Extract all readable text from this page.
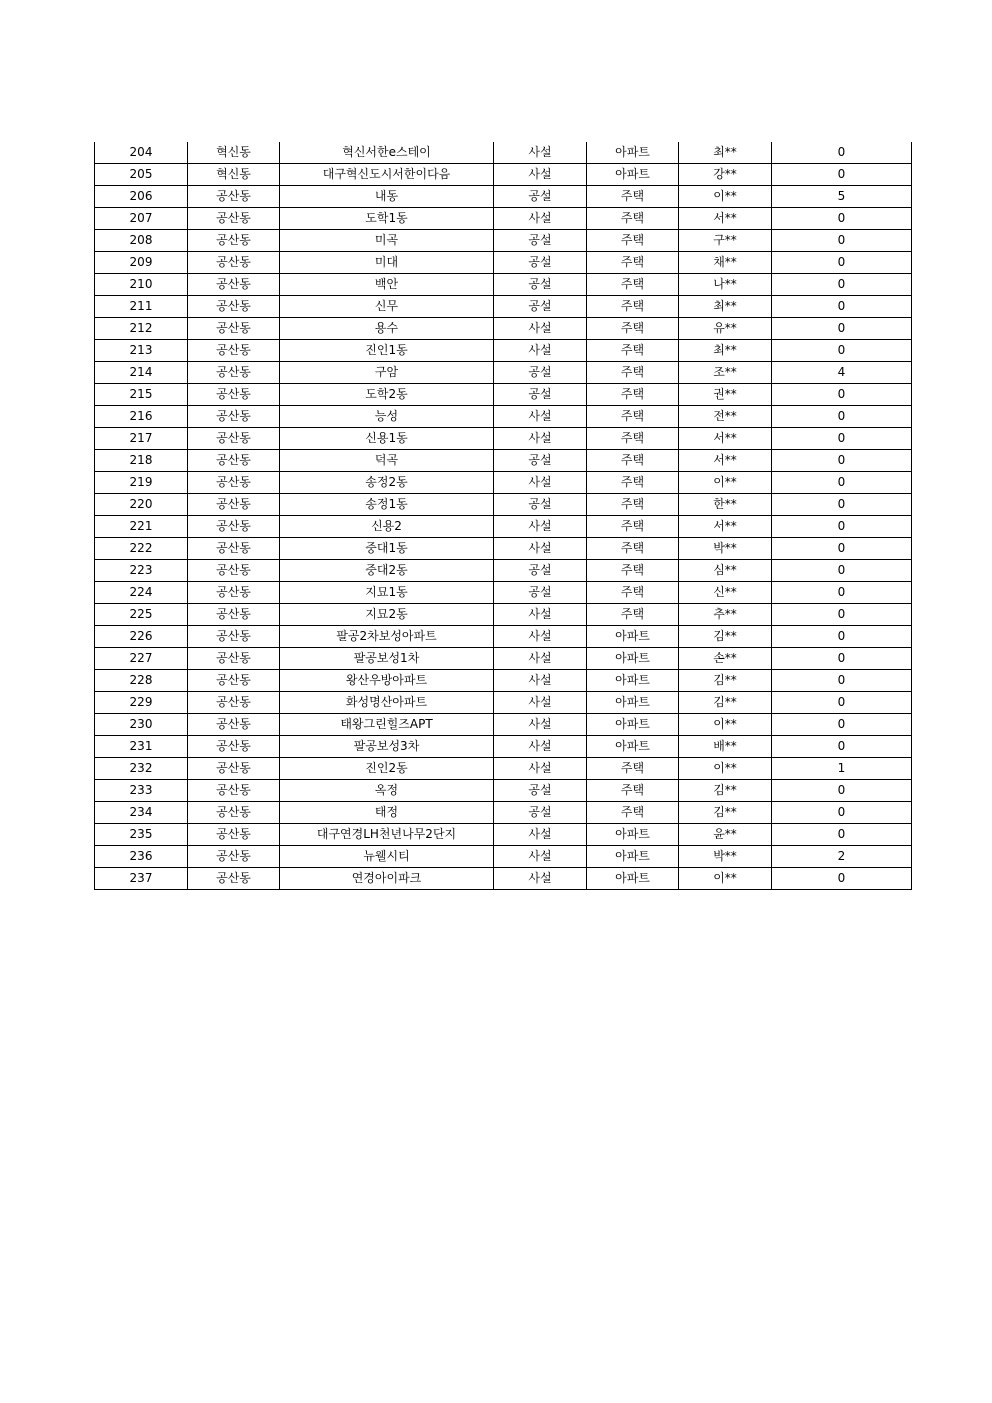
204	혁신동	혁신서한e스테이	사설	아파트	최**	0
205	혁신동	대구혁신도시서한이다음	사설	아파트	강**	0
206	공산동	내동	공설	주택	이**	5
207	공산동	도학1동	사설	주택	서**	0
208	공산동	미곡	공설	주택	구**	0
209	공산동	미대	공설	주택	채**	0
210	공산동	백안	공설	주택	나**	0
211	공산동	신무	공설	주택	최**	0
212	공산동	용수	사설	주택	유**	0
213	공산동	진인1동	사설	주택	최**	0
214	공산동	구암	공설	주택	조**	4
215	공산동	도학2동	공설	주택	권**	0
216	공산동	능성	사설	주택	전**	0
217	공산동	신용1동	사설	주택	서**	0
218	공산동	덕곡	공설	주택	서**	0
219	공산동	송정2동	사설	주택	이**	0
220	공산동	송정1동	공설	주택	한**	0
221	공산동	신용2	사설	주택	서**	0
222	공산동	중대1동	사설	주택	박**	0
223	공산동	중대2동	공설	주택	심**	0
224	공산동	지묘1동	공설	주택	신**	0
225	공산동	지묘2동	사설	주택	추**	0
226	공산동	팔공2차보성아파트	사설	아파트	김**	0
227	공산동	팔공보성1차	사설	아파트	손**	0
228	공산동	왕산우방아파트	사설	아파트	김**	0
229	공산동	화성명산아파트	사설	아파트	김**	0
230	공산동	태왕그린힐즈APT	사설	아파트	이**	0
231	공산동	팔공보성3차	사설	아파트	배**	0
232	공산동	진인2동	사설	주택	이**	1
233	공산동	옥정	공설	주택	김**	0
234	공산동	태정	공설	주택	김**	0
235	공산동	대구연경LH천년나무2단지	사설	아파트	윤**	0
236	공산동	뉴웰시티	사설	아파트	박**	2
237	공산동	연경아이파크	사설	아파트	이**	0
